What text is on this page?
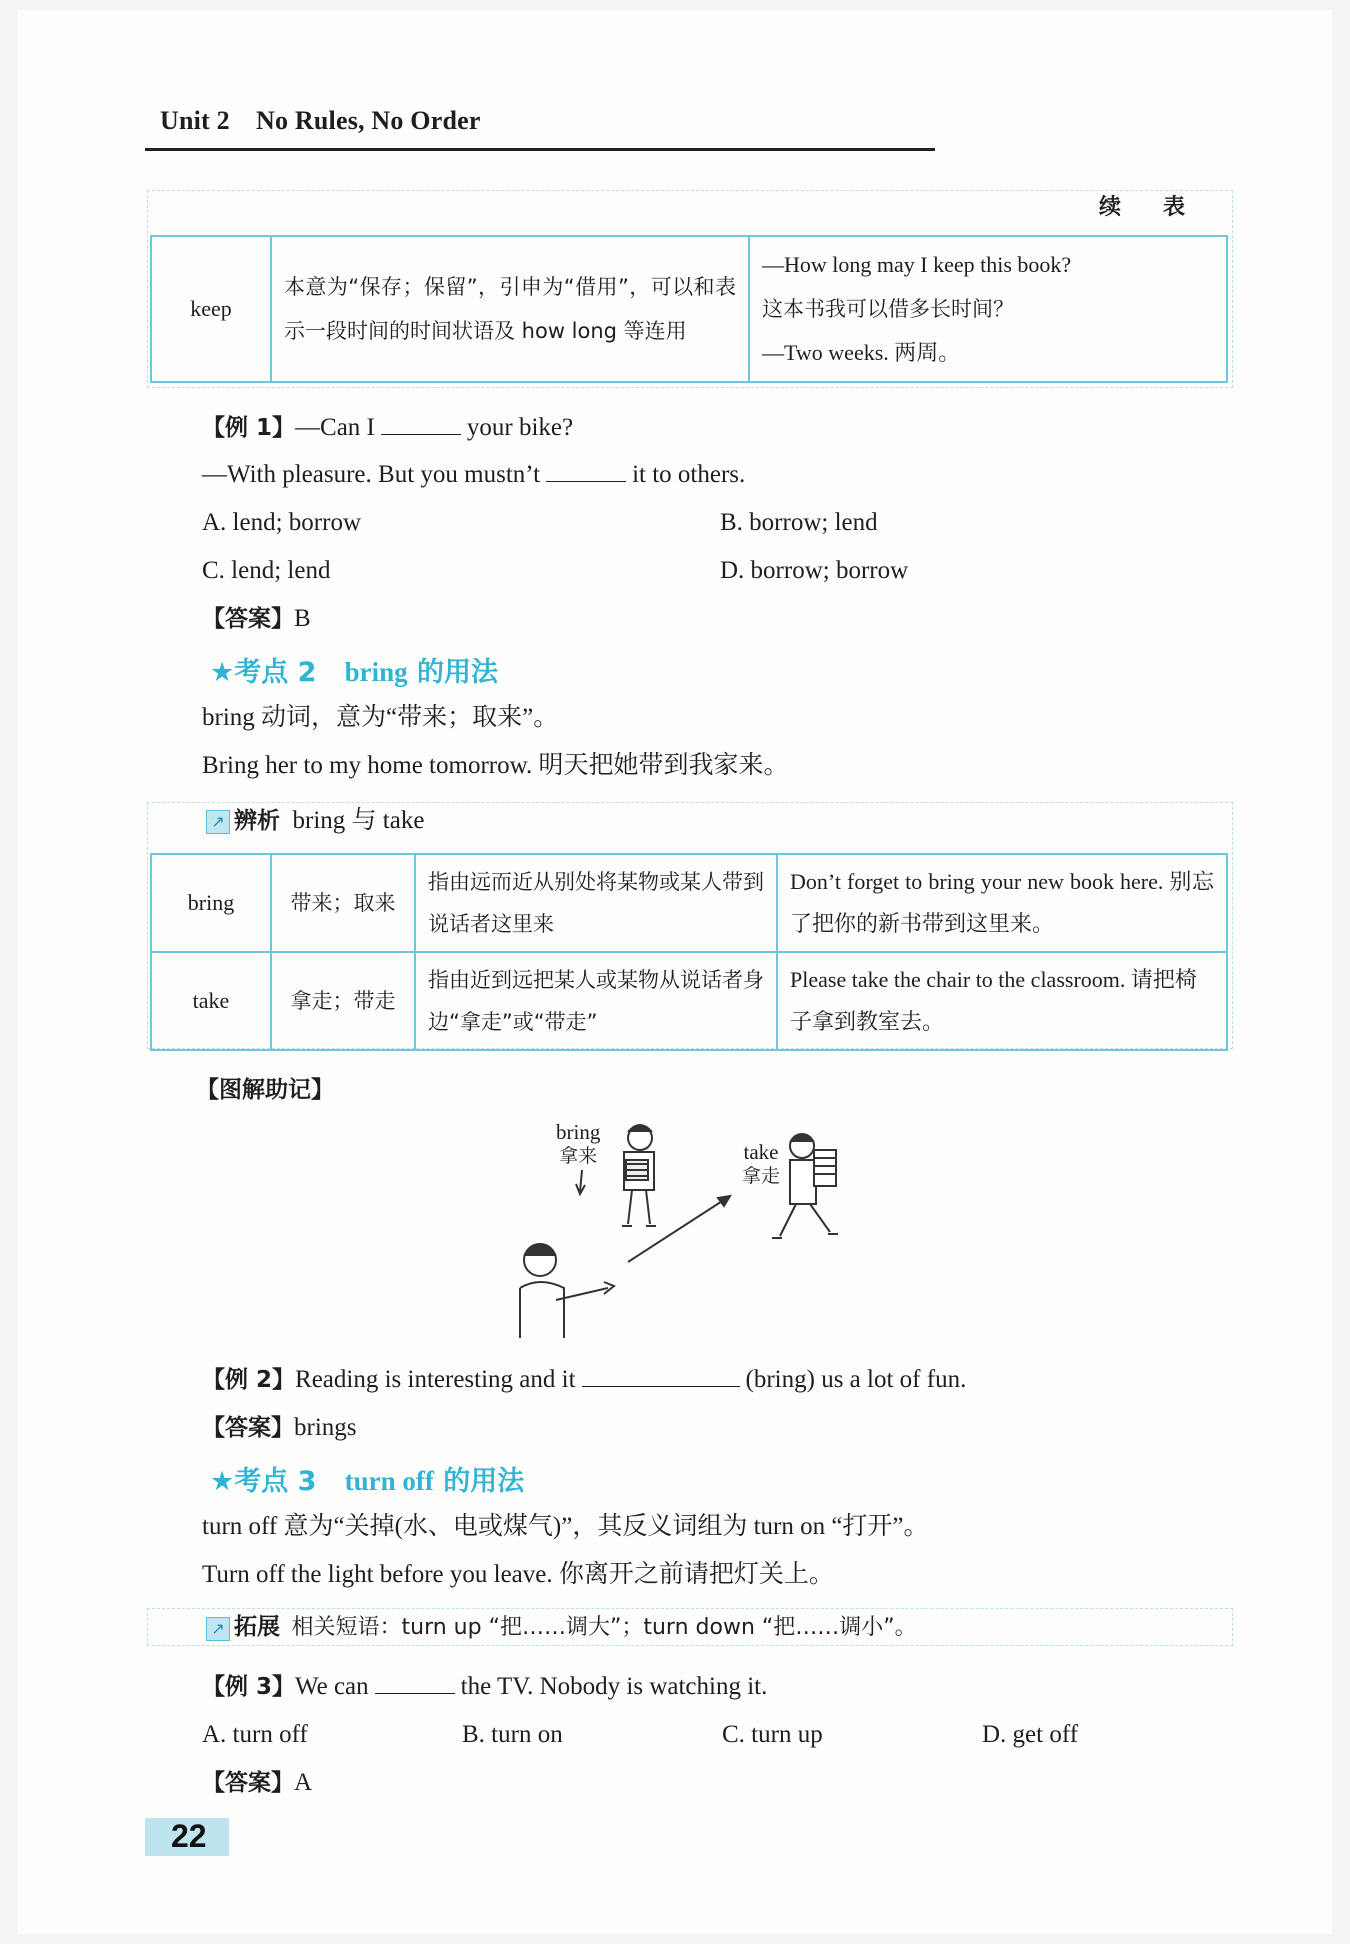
Unit 2　No Rules, No Order
续　表
keep	本意为“保存；保留”，引申为“借用”，可以和表示一段时间的时间状语及 how long 等连用	
—How long may I keep this book?
这本书我可以借多长时间？
—Two weeks. 两周。
【例 1】—Can I	your bike?
—With pleasure. But you mustn’t	it to others.
A. lend; borrow	B. borrow; lend
C. lend; lend	D. borrow; borrow
【答案】B
★考点 2 bring 的用法
bring 动词，意为“带来；取来”。
Bring her to my home tomorrow. 明天把她带到我家来。
↗ 辨析 bring 与 take
bring	带来；取来	指由远而近从别处将某物或某人带到说话者这里来	Don’t forget to bring your new book here. 别忘了把你的新书带到这里来。
take	拿走；带走	指由近到远把某人或某物从说话者身边“拿走”或“带走”	Please take the chair to the classroom. 请把椅子拿到教室去。
【图解助记】
bring
拿来	take
拿走
【例 2】Reading is interesting and it	(bring) us a lot of fun.
【答案】brings
★考点 3 turn off 的用法
turn off 意为“关掉(水、电或煤气)”，其反义词组为 turn on “打开”。
Turn off the light before you leave. 你离开之前请把灯关上。
↗ 拓展 相关短语：turn up “把……调大”；turn down “把……调小”。
【例 3】We can	the TV. Nobody is watching it.
A. turn off	B. turn on	C. turn up	D. get off
【答案】A
22
